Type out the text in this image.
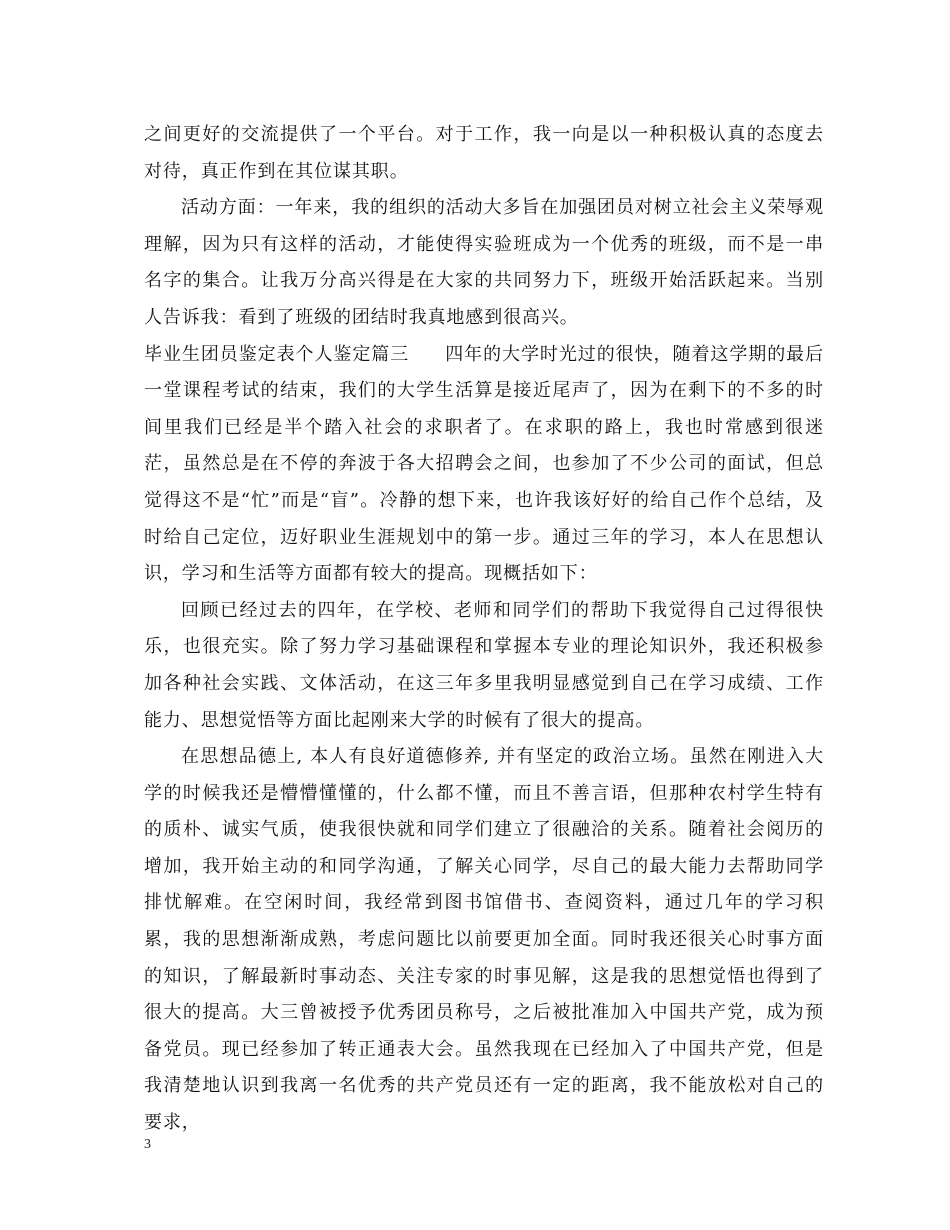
之间更好的交流提供了一个平台。对于工作，我一向是以一种积极认真的态度去对待，真正作到在其位谋其职。

活动方面：一年来，我的组织的活动大多旨在加强团员对树立社会主义荣辱观理解，因为只有这样的活动，才能使得实验班成为一个优秀的班级，而不是一串名字的集合。让我万分高兴得是在大家的共同努力下，班级开始活跃起来。当别人告诉我：看到了班级的团结时我真地感到很高兴。

毕业生团员鉴定表个人鉴定篇三 四年的大学时光过的很快，随着这学期的最后一堂课程考试的结束，我们的大学生活算是接近尾声了，因为在剩下的不多的时间里我们已经是半个踏入社会的求职者了。在求职的路上，我也时常感到很迷茫，虽然总是在不停的奔波于各大招聘会之间，也参加了不少公司的面试，但总觉得这不是“忙”而是“盲”。冷静的想下来，也许我该好好的给自己作个总结，及时给自己定位，迈好职业生涯规划中的第一步。通过三年的学习，本人在思想认识，学习和生活等方面都有较大的提高。现概括如下：

回顾已经过去的四年，在学校、老师和同学们的帮助下我觉得自己过得很快乐，也很充实。除了努力学习基础课程和掌握本专业的理论知识外，我还积极参加各种社会实践、文体活动，在这三年多里我明显感觉到自己在学习成绩、工作能力、思想觉悟等方面比起刚来大学的时候有了很大的提高。

在思想品德上, 本人有良好道德修养, 并有坚定的政治立场。虽然在刚进入大学的时候我还是懵懵懂懂的，什么都不懂，而且不善言语，但那种农村学生特有的质朴、诚实气质，使我很快就和同学们建立了很融洽的关系。随着社会阅历的增加，我开始主动的和同学沟通，了解关心同学，尽自己的最大能力去帮助同学排忧解难。在空闲时间，我经常到图书馆借书、查阅资料，通过几年的学习积累，我的思想渐渐成熟，考虑问题比以前要更加全面。同时我还很关心时事方面的知识，了解最新时事动态、关注专家的时事见解，这是我的思想觉悟也得到了很大的提高。大三曾被授予优秀团员称号，之后被批准加入中国共产党，成为预备党员。现已经参加了转正通表大会。虽然我现在已经加入了中国共产党，但是我清楚地认识到我离一名优秀的共产党员还有一定的距离，我不能放松对自己的要求，

3
